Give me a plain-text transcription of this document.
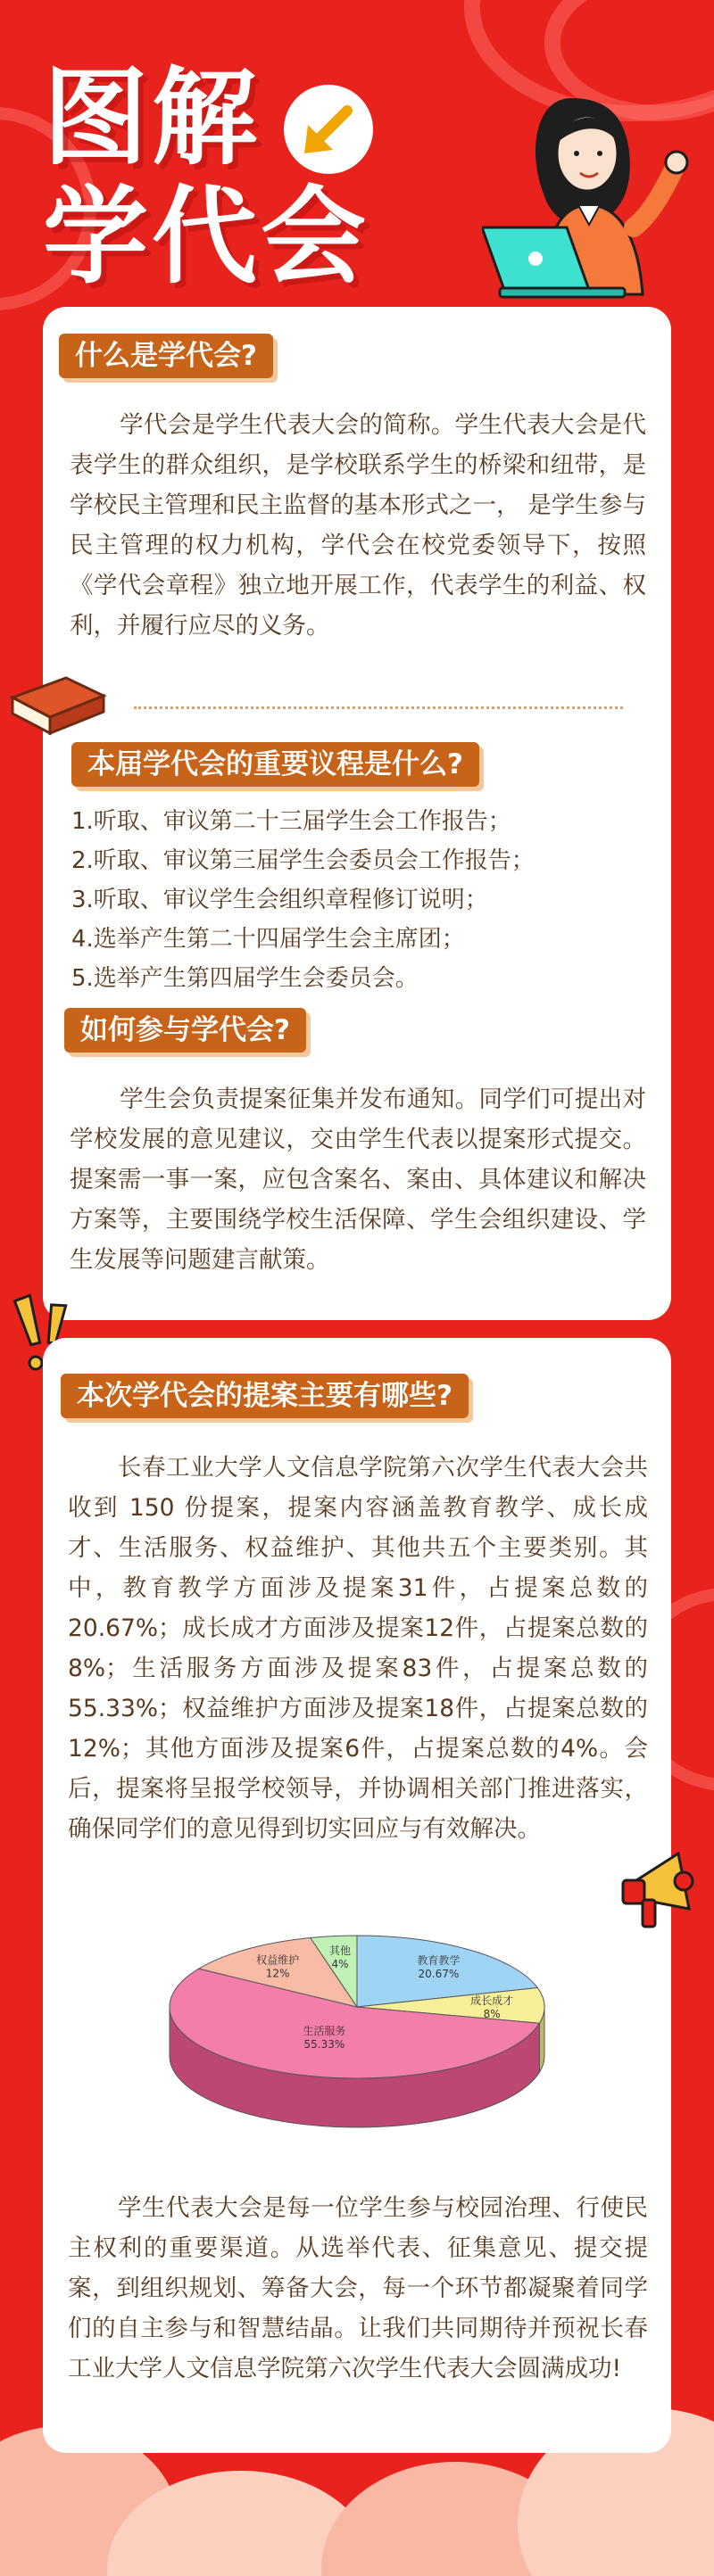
图解
学代会
什么是学代会?
学代会是学生代表大会的简称。学生代表大会是代表学生的群众组织，是学校联系学生的桥梁和纽带，是学校民主管理和民主监督的基本形式之一， 是学生参与民主管理的权力机构，学代会在校党委领导下，按照《学代会章程》独立地开展工作，代表学生的利益、权利，并履行应尽的义务。
本届学代会的重要议程是什么?
1.听取、审议第二十三届学生会工作报告；
2.听取、审议第三届学生会委员会工作报告；
3.听取、审议学生会组织章程修订说明；
4.选举产生第二十四届学生会主席团；
5.选举产生第四届学生会委员会。
如何参与学代会?
学生会负责提案征集并发布通知。同学们可提出对学校发展的意见建议，交由学生代表以提案形式提交。提案需一事一案，应包含案名、案由、具体建议和解决方案等，主要围绕学校生活保障、学生会组织建设、学生发展等问题建言献策。
本次学代会的提案主要有哪些?
长春工业大学人文信息学院第六次学生代表大会共收到 150 份提案，提案内容涵盖教育教学、成长成才、生活服务、权益维护、其他共五个主要类别。其中，教育教学方面涉及提案31件，占提案总数的20.67%；成长成才方面涉及提案12件，占提案总数的8%；生活服务方面涉及提案83件，占提案总数的55.33%；权益维护方面涉及提案18件，占提案总数的12%；其他方面涉及提案6件，占提案总数的4%。会后，提案将呈报学校领导，并协调相关部门推进落实，确保同学们的意见得到切实回应与有效解决。
教育教学
20.67%
成长成才
8%
生活服务
55.33%
权益维护
12%
其他
4%
学生代表大会是每一位学生参与校园治理、行使民主权利的重要渠道。从选举代表、征集意见、提交提案，到组织规划、筹备大会，每一个环节都凝聚着同学们的自主参与和智慧结晶。让我们共同期待并预祝长春工业大学人文信息学院第六次学生代表大会圆满成功!
